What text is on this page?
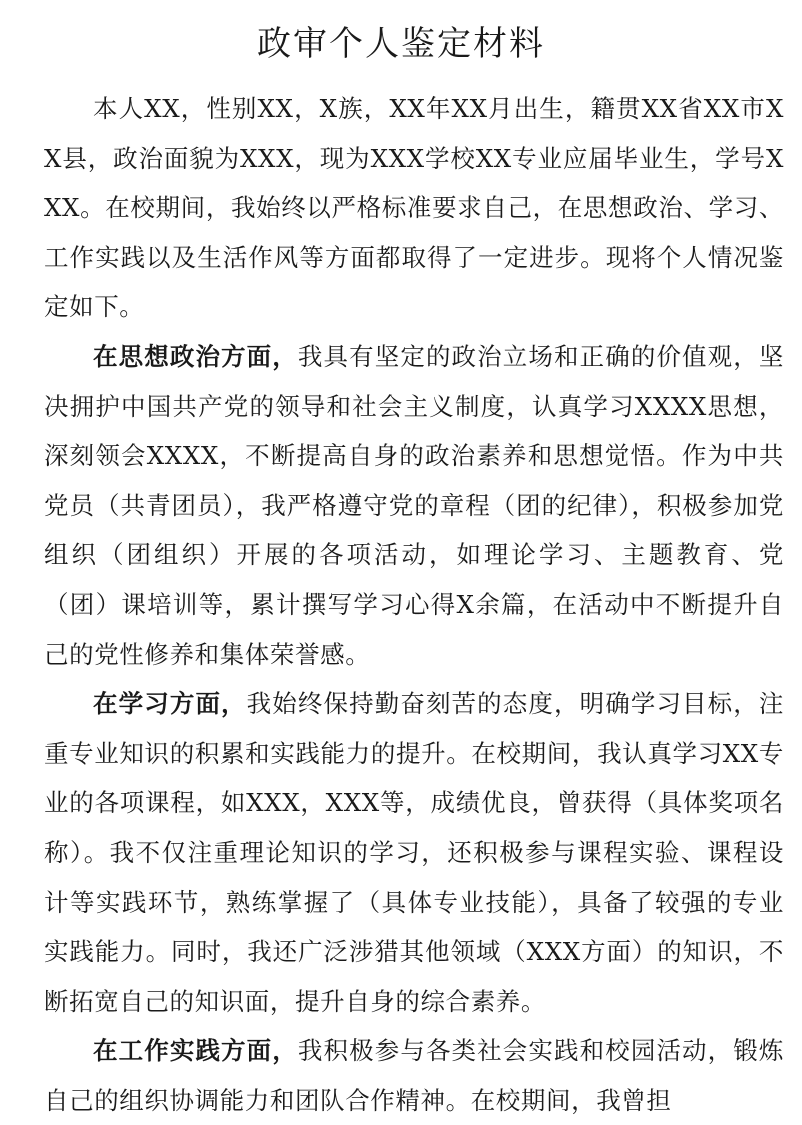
政审个人鉴定材料

本人XX，性别XX，X族，XX年XX月出生，籍贯XX省XX市XX县，政治面貌为XXX，现为XXX学校XX专业应届毕业生，学号XXX。在校期间，我始终以严格标准要求自己，在思想政治、学习、工作实践以及生活作风等方面都取得了一定进步。现将个人情况鉴定如下。

在思想政治方面，我具有坚定的政治立场和正确的价值观，坚决拥护中国共产党的领导和社会主义制度，认真学习XXXX思想，深刻领会XXXX，不断提高自身的政治素养和思想觉悟。作为中共党员（共青团员），我严格遵守党的章程（团的纪律），积极参加党组织（团组织）开展的各项活动，如理论学习、主题教育、党（团）课培训等，累计撰写学习心得X余篇，在活动中不断提升自己的党性修养和集体荣誉感。

在学习方面，我始终保持勤奋刻苦的态度，明确学习目标，注重专业知识的积累和实践能力的提升。在校期间，我认真学习XX专业的各项课程，如XXX，XXX等，成绩优良，曾获得（具体奖项名称）。我不仅注重理论知识的学习，还积极参与课程实验、课程设计等实践环节，熟练掌握了（具体专业技能），具备了较强的专业实践能力。同时，我还广泛涉猎其他领域（XXX方面）的知识，不断拓宽自己的知识面，提升自身的综合素养。

在工作实践方面，我积极参与各类社会实践和校园活动，锻炼自己的组织协调能力和团队合作精神。在校期间，我曾担
